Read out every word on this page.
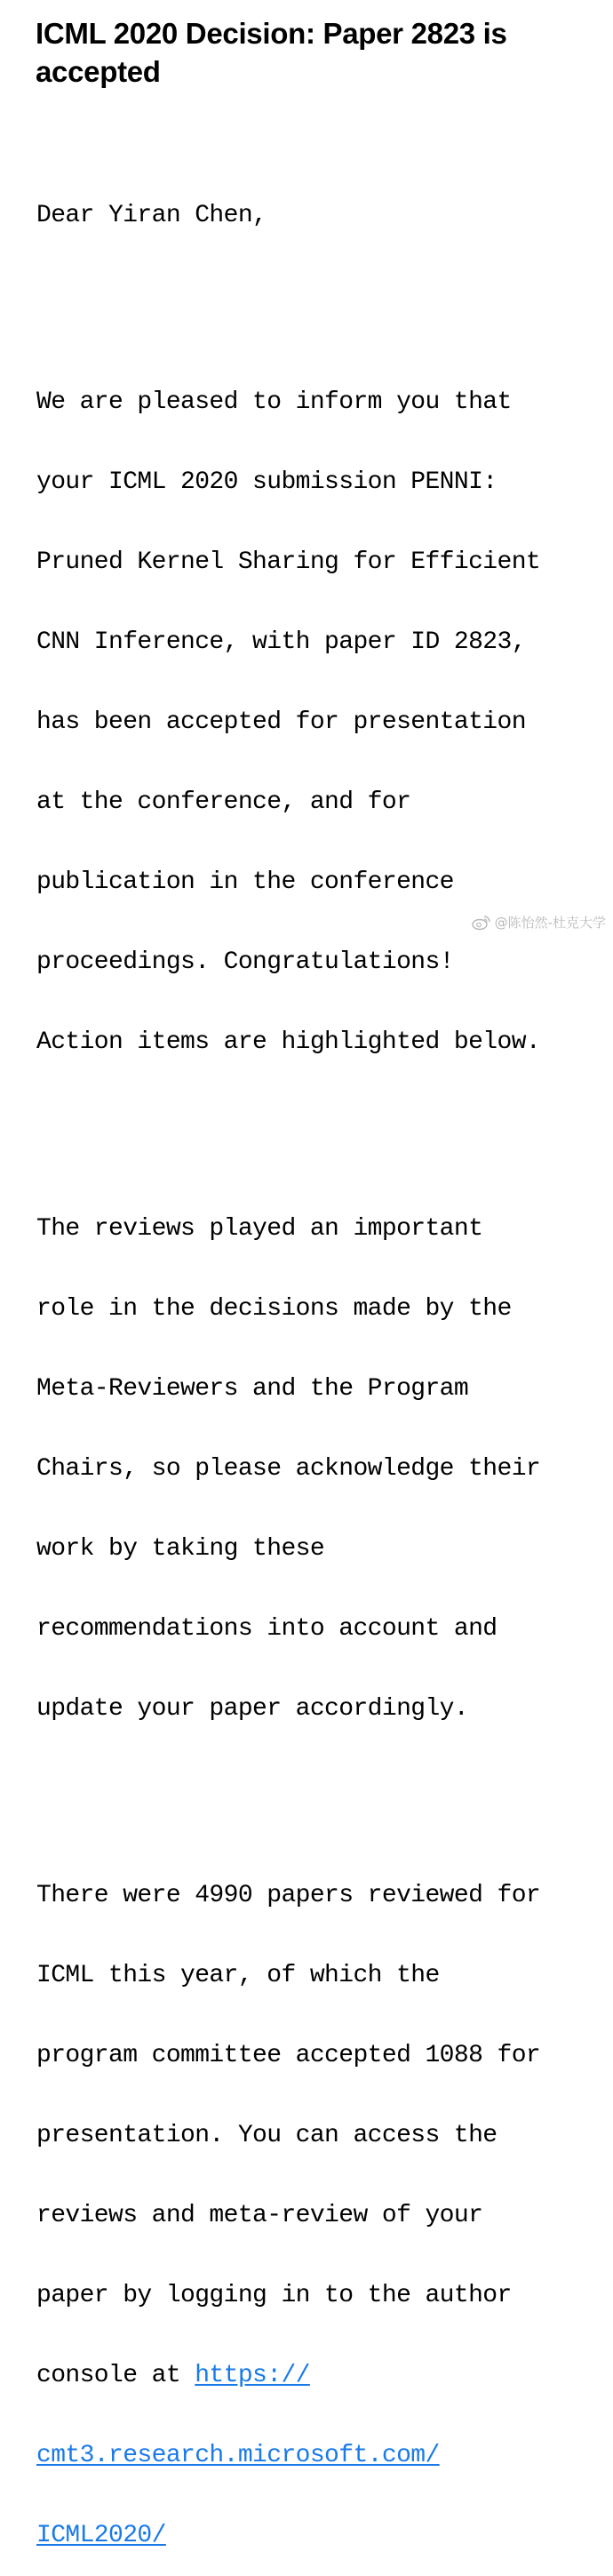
ICML 2020 Decision: Paper 2823 is accepted

Dear Yiran Chen,

We are pleased to inform you that

your ICML 2020 submission PENNI:

Pruned Kernel Sharing for Efficient

CNN Inference, with paper ID 2823,

has been accepted for presentation

at the conference, and for

publication in the conference

proceedings. Congratulations!

Action items are highlighted below.

The reviews played an important

role in the decisions made by the

Meta-Reviewers and the Program

Chairs, so please acknowledge their

work by taking these

recommendations into account and

update your paper accordingly.

There were 4990 papers reviewed for

ICML this year, of which the

program committee accepted 1088 for

presentation. You can access the

reviews and meta-review of your

paper by logging in to the author

console at https://

cmt3.research.microsoft.com/

ICML2020/

@陈怡然-杜克大学
